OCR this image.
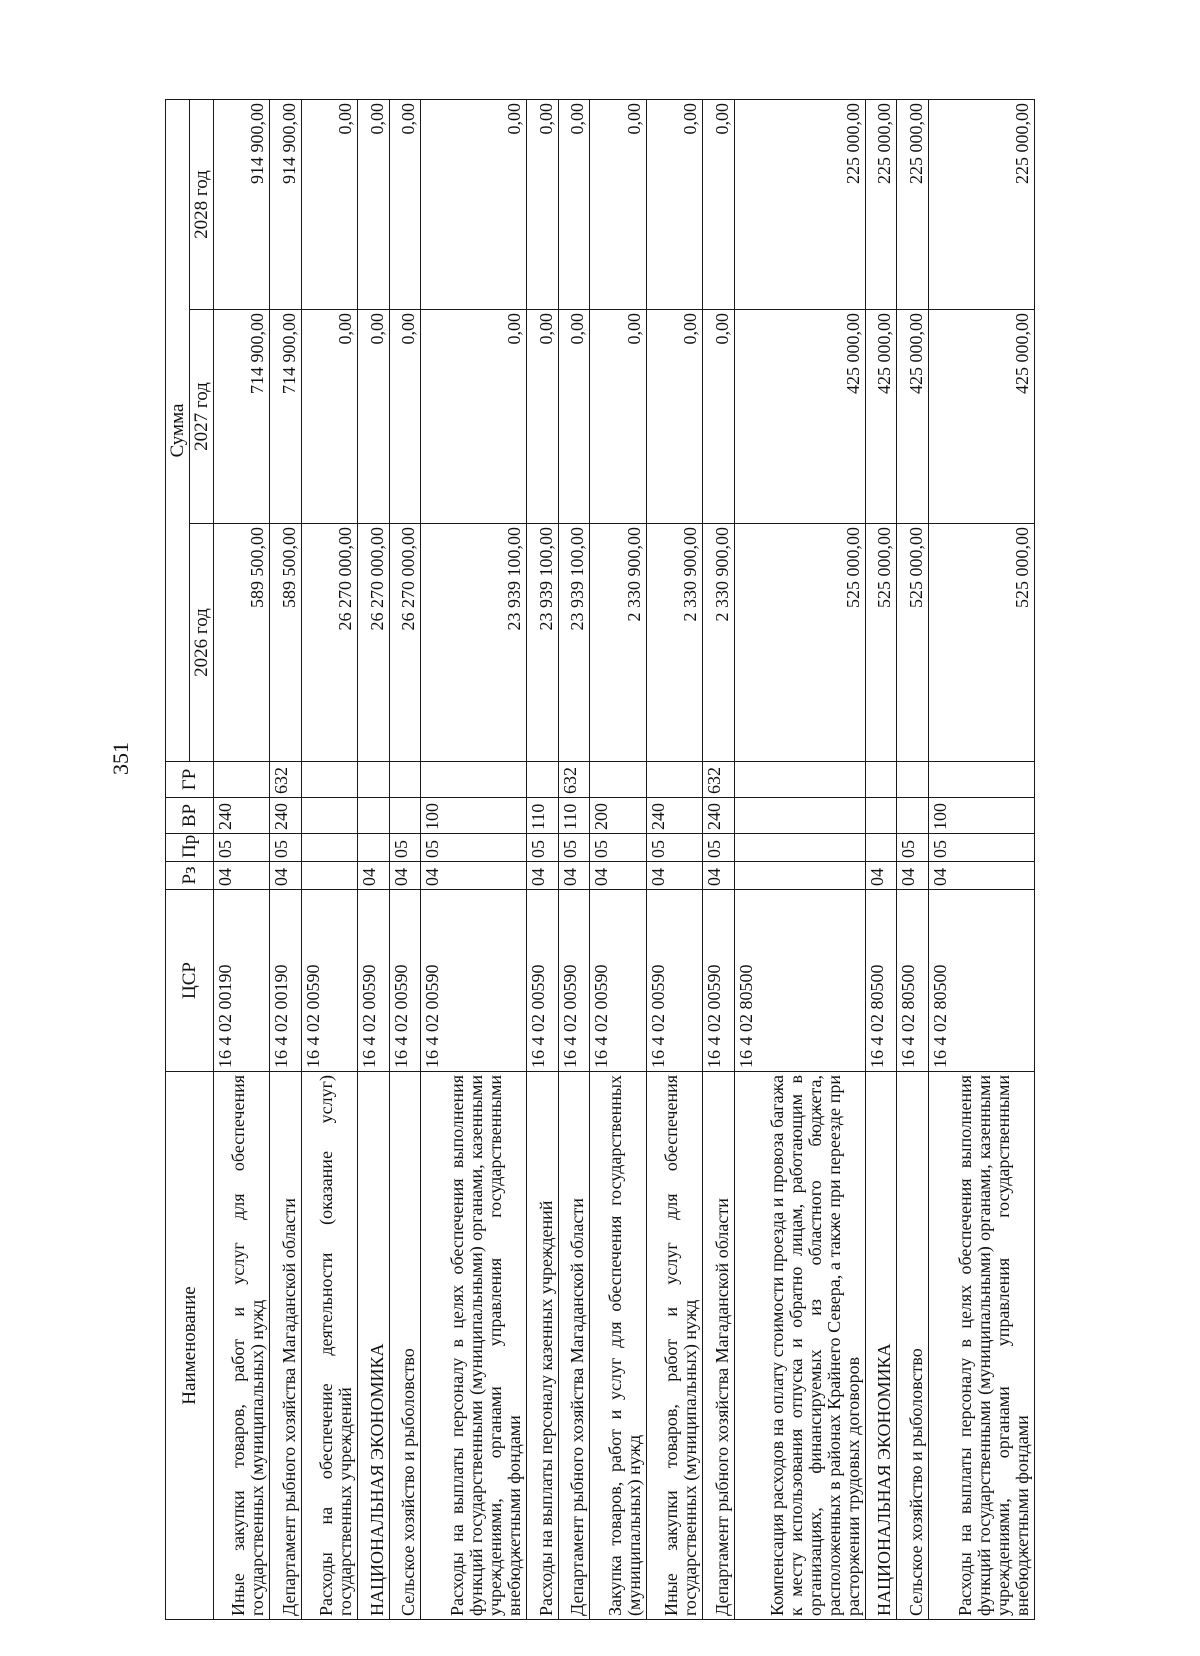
351
Наименование	ЦСР	Рз	Пр	ВР	ГР	Сумма		
						2026 год	2027 год	2028 год
Иные закупки товаров, работ и услуг для обеспечения государственных (муниципальных) нужд	16 4 02 00190	04	05	240		589 500,00	714 900,00	914 900,00
Департамент рыбного хозяйства Магаданской области	16 4 02 00190	04	05	240	632	589 500,00	714 900,00	914 900,00
Расходы на обеспечение деятельности (оказание услуг) государственных учреждений	16 4 02 00590					26 270 000,00	0,00	0,00
НАЦИОНАЛЬНАЯ ЭКОНОМИКА	16 4 02 00590	04				26 270 000,00	0,00	0,00
Сельское хозяйство и рыболовство	16 4 02 00590	04	05			26 270 000,00	0,00	0,00
Расходы на выплаты персоналу в целях обеспечения выполнения функций государственными (муниципальными) органами, казенными учреждениями, органами управления государственными внебюджетными фондами	16 4 02 00590	04	05	100		23 939 100,00	0,00	0,00
Расходы на выплаты персоналу казенных учреждений	16 4 02 00590	04	05	110		23 939 100,00	0,00	0,00
Департамент рыбного хозяйства Магаданской области	16 4 02 00590	04	05	110	632	23 939 100,00	0,00	0,00
Закупка товаров, работ и услуг для обеспечения государственных (муниципальных) нужд	16 4 02 00590	04	05	200		2 330 900,00	0,00	0,00
Иные закупки товаров, работ и услуг для обеспечения государственных (муниципальных) нужд	16 4 02 00590	04	05	240		2 330 900,00	0,00	0,00
Департамент рыбного хозяйства Магаданской области	16 4 02 00590	04	05	240	632	2 330 900,00	0,00	0,00
Компенсация расходов на оплату стоимости проезда и провоза багажа к месту использования отпуска и обратно лицам, работающим в организациях, финансируемых из областного бюджета, расположенных в районах Крайнего Севера, а также при переезде при расторжении трудовых договоров	16 4 02 80500					525 000,00	425 000,00	225 000,00
НАЦИОНАЛЬНАЯ ЭКОНОМИКА	16 4 02 80500	04				525 000,00	425 000,00	225 000,00
Сельское хозяйство и рыболовство	16 4 02 80500	04	05			525 000,00	425 000,00	225 000,00
Расходы на выплаты персоналу в целях обеспечения выполнения функций государственными (муниципальными) органами, казенными учреждениями, органами управления государственными внебюджетными фондами	16 4 02 80500	04	05	100		525 000,00	425 000,00	225 000,00
